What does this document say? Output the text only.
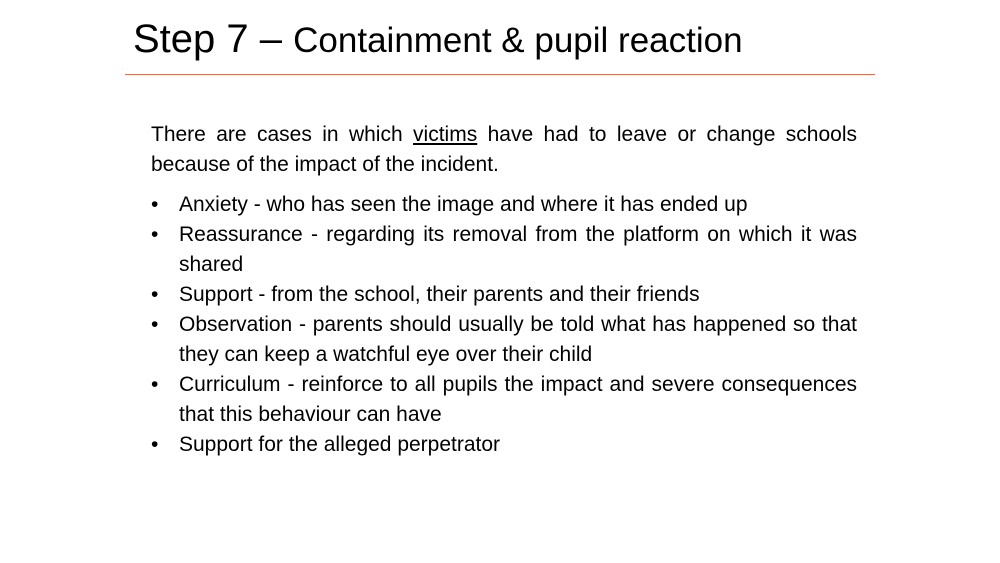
Step 7 – Containment & pupil reaction

There are cases in which victims have had to leave or change schools because of the impact of the incident.

• Anxiety - who has seen the image and where it has ended up
• Reassurance - regarding its removal from the platform on which it was shared
• Support - from the school, their parents and their friends
• Observation - parents should usually be told what has happened so that they can keep a watchful eye over their child
• Curriculum - reinforce to all pupils the impact and severe consequences that this behaviour can have
• Support for the alleged perpetrator
